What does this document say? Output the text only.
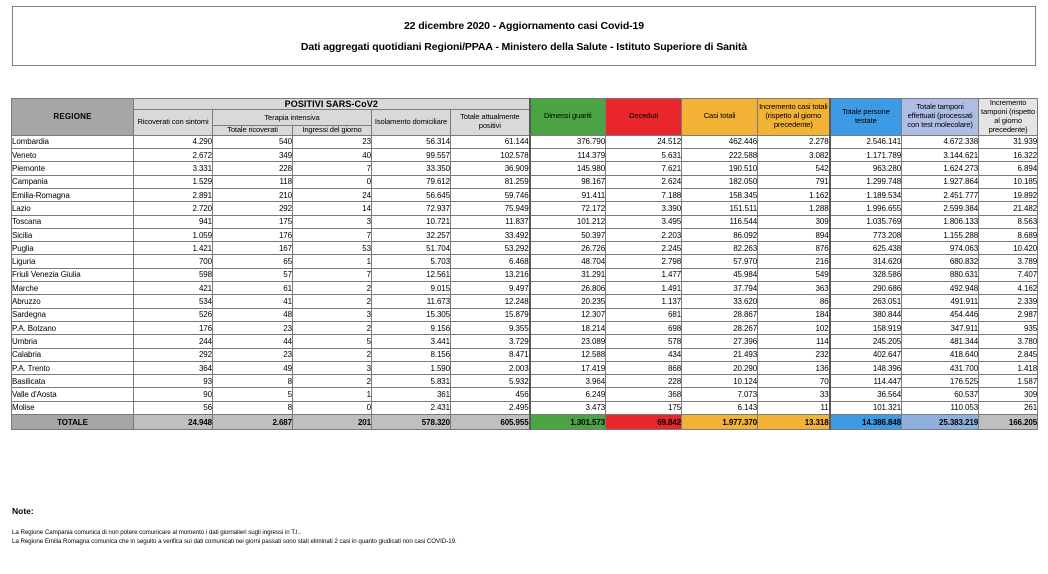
22 dicembre 2020 - Aggiornamento casi Covid-19
Dati aggregati quotidiani Regioni/PPAA - Ministero della Salute - Istituto Superiore di Sanità
REGIONE	POSITIVI SARS-CoV2					Dimessi guariti	Deceduti	Casi totali	Incremento casi totali (rispetto al giorno precedente)	Totale persone testate	Totale tamponi effettuati (processati con test molecolare)	Incremento tamponi (rispetto al giorno precedente)
	Ricoverati con sintomi	Terapia intensiva		Isolamento domiciliare	Totale attualmente positivi							
		Totale ricoverati	Ingressi del giorno									
Lombardia	4.290	540	23	56.314	61.144	376.790	24.512	462.446	2.278	2.546.141	4.672.338	31.939
Veneto	2.672	349	40	99.557	102.578	114.379	5.631	222.588	3.082	1.171.789	3.144.621	16.322
Piemonte	3.331	228	7	33.350	36.909	145.980	7.621	190.510	542	963.280	1.624.273	6.894
Campania	1.529	118	0	79.612	81.259	98.167	2.624	182.050	791	1.299.748	1.927.864	10.185
Emilia-Romagna	2.891	210	24	56.645	59.746	91.411	7.188	158.345	1.162	1.189.534	2.451.777	19.892
Lazio	2.720	292	14	72.937	75.949	72.172	3.390	151.511	1.288	1.996.655	2.599.384	21.482
Toscana	941	175	3	10.721	11.837	101.212	3.495	116.544	309	1.035.769	1.806.133	8.563
Sicilia	1.059	176	7	32.257	33.492	50.397	2.203	86.092	894	773.208	1.155.288	8.689
Puglia	1.421	167	53	51.704	53.292	26.726	2.245	82.263	876	625.438	974.063	10.420
Liguria	700	65	1	5.703	6.468	48.704	2.798	57.970	216	314.620	680.832	3.789
Friuli Venezia Giulia	598	57	7	12.561	13.216	31.291	1.477	45.984	549	328.586	880.631	7.407
Marche	421	61	2	9.015	9.497	26.806	1.491	37.794	363	290.686	492.948	4.162
Abruzzo	534	41	2	11.673	12.248	20.235	1.137	33.620	86	263.051	491.911	2.339
Sardegna	526	48	3	15.305	15.879	12.307	681	28.867	184	380.844	454.446	2.987
P.A. Bolzano	176	23	2	9.156	9.355	18.214	698	28.267	102	158.919	347.911	935
Umbria	244	44	5	3.441	3.729	23.089	578	27.396	114	245.205	481.344	3.780
Calabria	292	23	2	8.156	8.471	12.588	434	21.493	232	402.647	418.640	2.845
P.A. Trento	364	49	3	1.590	2.003	17.419	868	20.290	136	148.396	431.700	1.418
Basilicata	93	8	2	5.831	5.932	3.964	228	10.124	70	114.447	176.525	1.587
Valle d'Aosta	90	5	1	361	456	6.249	368	7.073	33	36.564	60.537	309
Molise	56	8	0	2.431	2.495	3.473	175	6.143	11	101.321	110.053	261
TOTALE	24.948	2.687	201	578.320	605.955	1.301.573	69.842	1.977.370	13.318	14.386.848	25.383.219	166.205
Note:
La Regione Campania comunica di non potere comunicare al momento i dati giornalieri sugli ingressi in T.I..
La Regione Emilia Romagna comunica che in seguito a verifica sui dati comunicati nei giorni passati sono stati eliminati 2 casi in quanto giudicati non casi COVID-19.
